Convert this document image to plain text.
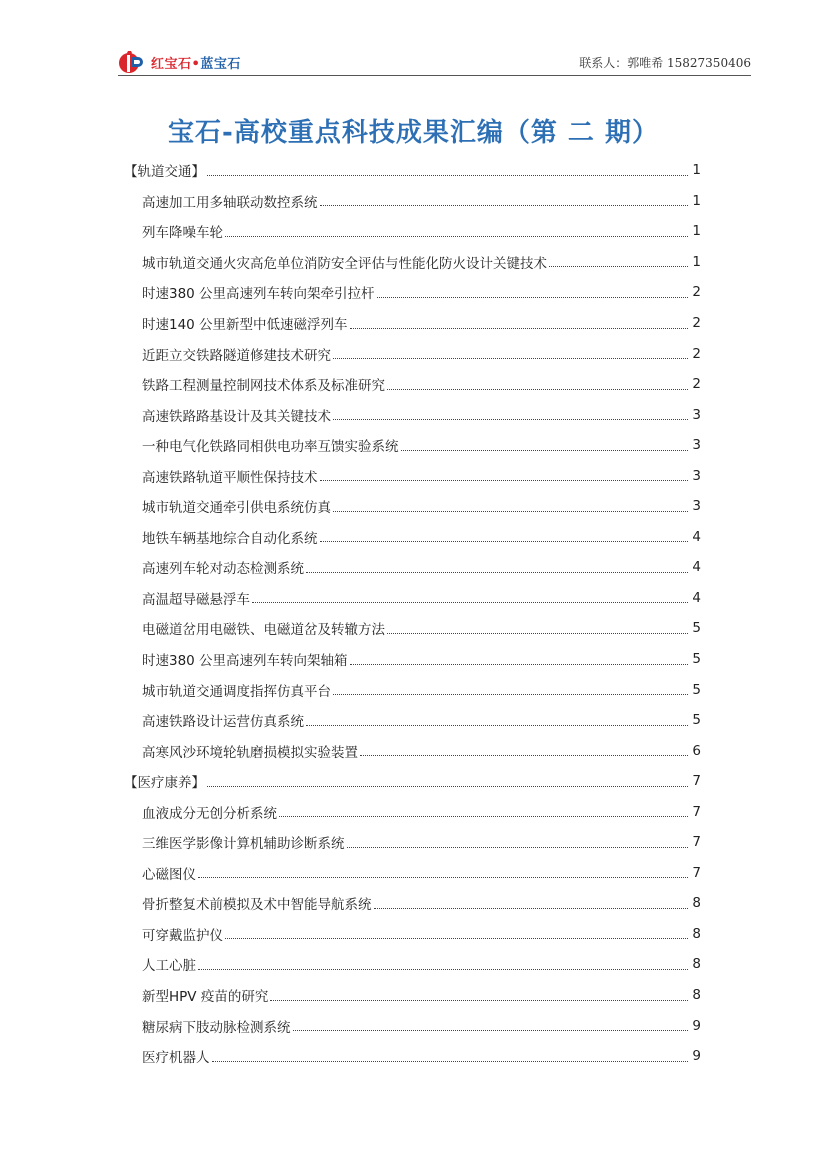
红宝石•蓝宝石	联系人：郭唯希 15827350406
宝石-高校重点科技成果汇编（第 二 期）
【轨道交通】	1
高速加工用多轴联动数控系统	1
列车降噪车轮	1
城市轨道交通火灾高危单位消防安全评估与性能化防火设计关键技术	1
时速380 公里高速列车转向架牵引拉杆	2
时速140 公里新型中低速磁浮列车	2
近距立交铁路隧道修建技术研究	2
铁路工程测量控制网技术体系及标准研究	2
高速铁路路基设计及其关键技术	3
一种电气化铁路同相供电功率互馈实验系统	3
高速铁路轨道平顺性保持技术	3
城市轨道交通牵引供电系统仿真	3
地铁车辆基地综合自动化系统	4
高速列车轮对动态检测系统	4
高温超导磁悬浮车	4
电磁道岔用电磁铁、电磁道岔及转辙方法	5
时速380 公里高速列车转向架轴箱	5
城市轨道交通调度指挥仿真平台	5
高速铁路设计运营仿真系统	5
高寒风沙环境轮轨磨损模拟实验装置	6
【医疗康养】	7
血液成分无创分析系统	7
三维医学影像计算机辅助诊断系统	7
心磁图仪	7
骨折整复术前模拟及术中智能导航系统	8
可穿戴监护仪	8
人工心脏	8
新型HPV 疫苗的研究	8
糖尿病下肢动脉检测系统	9
医疗机器人	9
